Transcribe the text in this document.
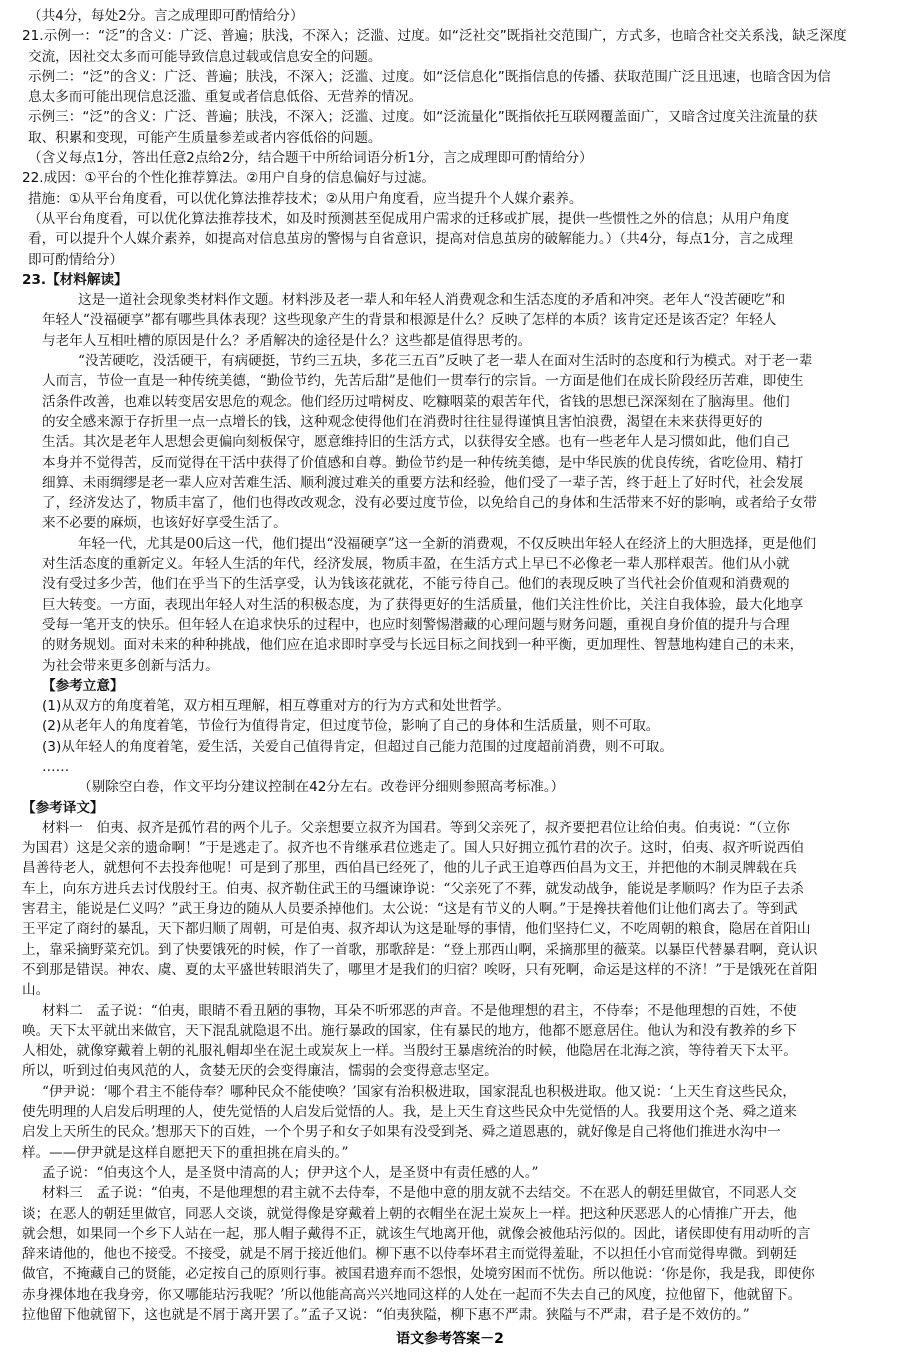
（共4分，每处2分。言之成理即可酌情给分）
21.示例一：“泛”的含义：广泛、普遍；肤浅，不深入；泛滥、过度。如“泛社交”既指社交范围广，方式多，也暗含社交关系浅，缺乏深度
交流，因社交太多而可能导致信息过载或信息安全的问题。
示例二：“泛”的含义：广泛、普遍；肤浅，不深入；泛滥、过度。如“泛信息化”既指信息的传播、获取范围广泛且迅速，也暗含因为信
息太多而可能出现信息泛滥、重复或者信息低俗、无营养的情况。
示例三：“泛”的含义：广泛、普遍；肤浅，不深入；泛滥、过度。如“泛流量化”既指依托互联网覆盖面广，又暗含过度关注流量的获
取、积累和变现，可能产生质量参差或者内容低俗的问题。
（含义每点1分，答出任意2点给2分，结合题干中所给词语分析1分，言之成理即可酌情给分）
22.成因：①平台的个性化推荐算法。②用户自身的信息偏好与过滤。
措施：①从平台角度看，可以优化算法推荐技术；②从用户角度看，应当提升个人媒介素养。
（从平台角度看，可以优化算法推荐技术，如及时预测甚至促成用户需求的迁移或扩展，提供一些惯性之外的信息；从用户角度
看，可以提升个人媒介素养，如提高对信息茧房的警惕与自省意识，提高对信息茧房的破解能力。）（共4分，每点1分，言之成理
即可酌情给分）
23.【材料解读】
这是一道社会现象类材料作文题。材料涉及老一辈人和年轻人消费观念和生活态度的矛盾和冲突。老年人“没苦硬吃”和
年轻人“没福硬享”都有哪些具体表现？这些现象产生的背景和根源是什么？反映了怎样的本质？该肯定还是该否定？年轻人
与老年人互相吐槽的原因是什么？矛盾解决的途径是什么？这些都是值得思考的。
“没苦硬吃，没活硬干，有病硬挺，节约三五块，多花三五百”反映了老一辈人在面对生活时的态度和行为模式。对于老一辈
人而言，节俭一直是一种传统美德，“勤俭节约，先苦后甜”是他们一贯奉行的宗旨。一方面是他们在成长阶段经历苦难，即使生
活条件改善，也难以转变居安思危的观念。他们经历过啃树皮、吃糠咽菜的艰苦年代，省钱的思想已深深刻在了脑海里。他们
的安全感来源于存折里一点一点增长的钱，这种观念使得他们在消费时往往显得谨慎且害怕浪费，渴望在未来获得更好的
生活。其次是老年人思想会更偏向刻板保守，愿意维持旧的生活方式，以获得安全感。也有一些老年人是习惯如此，他们自己
本身并不觉得苦，反而觉得在干活中获得了价值感和自尊。勤俭节约是一种传统美德，是中华民族的优良传统，省吃俭用、精打
细算、未雨绸缪是老一辈人应对苦难生活、顺利渡过难关的重要方法和经验，他们受了一辈子苦，终于赶上了好时代，社会发展
了，经济发达了，物质丰富了，他们也得改改观念，没有必要过度节俭，以免给自己的身体和生活带来不好的影响，或者给子女带
来不必要的麻烦，也该好好享受生活了。
年轻一代，尤其是00后这一代，他们提出“没福硬享”这一全新的消费观，不仅反映出年轻人在经济上的大胆选择，更是他们
对生活态度的重新定义。年轻人生活的年代，经济发展，物质丰盈，在生活方式上早已不必像老一辈人那样艰苦。他们从小就
没有受过多少苦，他们在乎当下的生活享受，认为钱该花就花，不能亏待自己。他们的表现反映了当代社会价值观和消费观的
巨大转变。一方面，表现出年轻人对生活的积极态度，为了获得更好的生活质量，他们关注性价比，关注自我体验，最大化地享
受每一笔开支的快乐。但年轻人在追求快乐的过程中，也应时刻警惕潜藏的心理问题与财务问题，重视自身价值的提升与合理
的财务规划。面对未来的种种挑战，他们应在追求即时享受与长远目标之间找到一种平衡，更加理性、智慧地构建自己的未来，
为社会带来更多创新与活力。
【参考立意】
(1)从双方的角度着笔，双方相互理解，相互尊重对方的行为方式和处世哲学。
(2)从老年人的角度着笔，节俭行为值得肯定，但过度节俭，影响了自己的身体和生活质量，则不可取。
(3)从年轻人的角度着笔，爱生活，关爱自己值得肯定，但超过自己能力范围的过度超前消费，则不可取。
……
（剔除空白卷，作文平均分建议控制在42分左右。改卷评分细则参照高考标准。）
【参考译文】
材料一　伯夷、叔齐是孤竹君的两个儿子。父亲想要立叔齐为国君。等到父亲死了，叔齐要把君位让给伯夷。伯夷说：“（立你
为国君）这是父亲的遗命啊！”于是逃走了。叔齐也不肯继承君位逃走了。国人只好拥立孤竹君的次子。这时，伯夷、叔齐听说西伯
昌善待老人，就想何不去投奔他呢！可是到了那里，西伯昌已经死了，他的儿子武王追尊西伯昌为文王，并把他的木制灵牌载在兵
车上，向东方进兵去讨伐殷纣王。伯夷、叔齐勒住武王的马缰谏诤说：“父亲死了不葬，就发动战争，能说是孝顺吗？作为臣子去杀
害君主，能说是仁义吗？”武王身边的随从人员要杀掉他们。太公说：“这是有节义的人啊。”于是搀扶着他们让他们离去了。等到武
王平定了商纣的暴乱，天下都归顺了周朝，可是伯夷、叔齐却认为这是耻辱的事情，他们坚持仁义，不吃周朝的粮食，隐居在首阳山
上，靠采摘野菜充饥。到了快要饿死的时候，作了一首歌，那歌辞是：“登上那西山啊，采摘那里的薇菜。以暴臣代替暴君啊，竟认识
不到那是错误。神农、虞、夏的太平盛世转眼消失了，哪里才是我们的归宿？唉呀，只有死啊，命运是这样的不济！”于是饿死在首阳
山。
材料二　孟子说：“伯夷，眼睛不看丑陋的事物，耳朵不听邪恶的声音。不是他理想的君主，不侍奉；不是他理想的百姓，不使
唤。天下太平就出来做官，天下混乱就隐退不出。施行暴政的国家，住有暴民的地方，他都不愿意居住。他认为和没有教养的乡下
人相处，就像穿戴着上朝的礼服礼帽却坐在泥土或炭灰上一样。当殷纣王暴虐统治的时候，他隐居在北海之滨，等待着天下太平。
所以，听到过伯夷风范的人，贪婪无厌的会变得廉洁，懦弱的会变得意志坚定。
“伊尹说：‘哪个君主不能侍奉？哪种民众不能使唤？’国家有治积极进取，国家混乱也积极进取。他又说：‘上天生育这些民众，
使先明理的人启发后明理的人，使先觉悟的人启发后觉悟的人。我，是上天生育这些民众中先觉悟的人。我要用这个尧、舜之道来
启发上天所生的民众。’想那天下的百姓，一个个男子和女子如果有没受到尧、舜之道恩惠的，就好像是自己将他们推进水沟中一
样。——伊尹就是这样自愿把天下的重担挑在肩头的。”
孟子说：“伯夷这个人，是圣贤中清高的人；伊尹这个人，是圣贤中有责任感的人。”
材料三　孟子说：“伯夷，不是他理想的君主就不去侍奉，不是他中意的朋友就不去结交。不在恶人的朝廷里做官，不同恶人交
谈；在恶人的朝廷里做官，同恶人交谈，就觉得像是穿戴着上朝的衣帽坐在泥土炭灰上一样。把这种厌恶恶人的心情推广开去，他
就会想，如果同一个乡下人站在一起，那人帽子戴得不正，就该生气地离开他，就像会被他玷污似的。因此，诸侯即使有用动听的言
辞来请他的，他也不接受。不接受，就是不屑于接近他们。柳下惠不以侍奉坏君主而觉得羞耻，不以担任小官而觉得卑微。到朝廷
做官，不掩藏自己的贤能，必定按自己的原则行事。被国君遗弃而不怨恨，处境穷困而不忧伤。所以他说：‘你是你，我是我，即使你
赤身裸体地在我身旁，你又哪能玷污我呢？’所以他能高高兴兴地同这样的人处在一起而不失去自己的风度，拉他留下，他就留下。
拉他留下他就留下，这也就是不屑于离开罢了。”孟子又说：“伯夷狭隘，柳下惠不严肃。狭隘与不严肃，君子是不效仿的。”
语文参考答案－2
